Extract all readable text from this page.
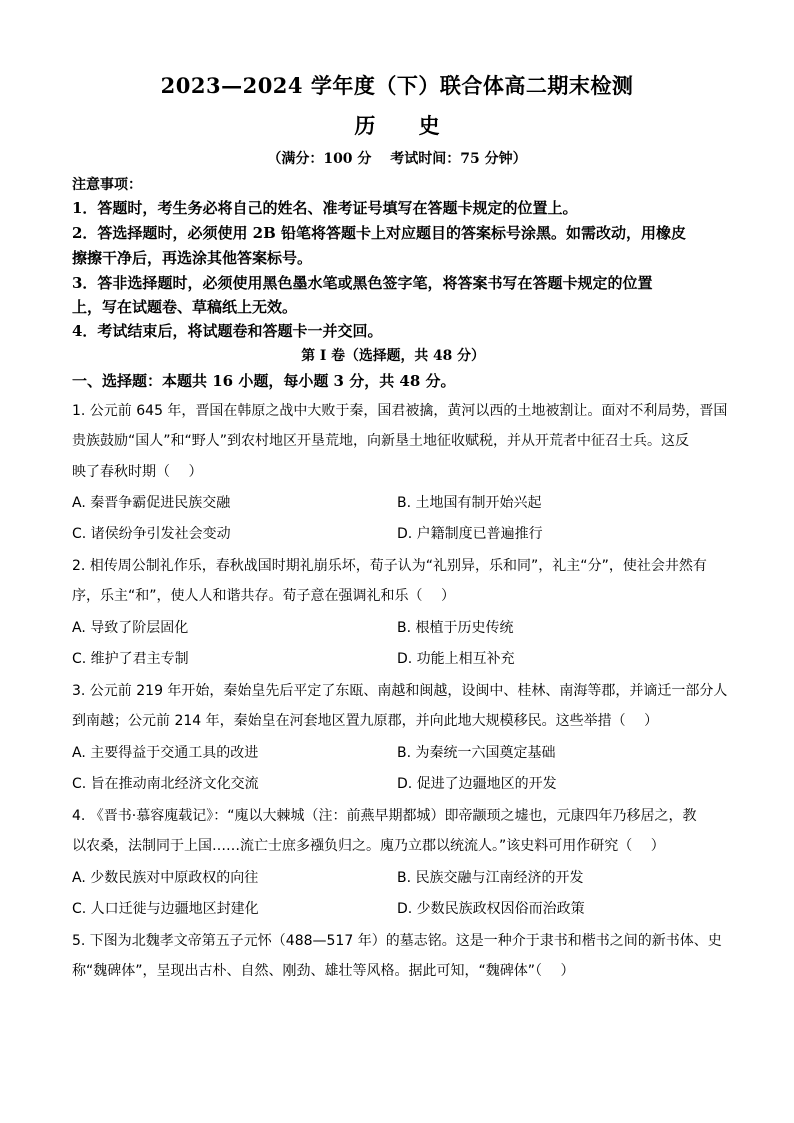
2023—2024 学年度（下）联合体高二期末检测
历 史
（满分：100 分　 考试时间：75 分钟）
注意事项：
1．答题时，考生务必将自己的姓名、准考证号填写在答题卡规定的位置上。
2．答选择题时，必须使用 2B 铅笔将答题卡上对应题目的答案标号涂黑。如需改动，用橡皮
擦擦干净后，再选涂其他答案标号。
3．答非选择题时，必须使用黑色墨水笔或黑色签字笔，将答案书写在答题卡规定的位置
上，写在试题卷、草稿纸上无效。
4．考试结束后，将试题卷和答题卡一并交回。
第 I 卷（选择题，共 48 分）
一、选择题：本题共 16 小题，每小题 3 分，共 48 分。
1. 公元前 645 年，晋国在韩原之战中大败于秦，国君被擒，黄河以西的土地被割让。面对不利局势，晋国
贵族鼓励“国人”和“野人”到农村地区开垦荒地，向新垦土地征收赋税，并从开荒者中征召士兵。这反
映了春秋时期（　 ）
A. 秦晋争霸促进民族交融	B. 土地国有制开始兴起
C. 诸侯纷争引发社会变动	D. 户籍制度已普遍推行
2. 相传周公制礼作乐，春秋战国时期礼崩乐坏，荀子认为“礼别异，乐和同”，礼主“分”，使社会井然有
序，乐主“和”，使人人和谐共存。荀子意在强调礼和乐（　 ）
A. 导致了阶层固化	B. 根植于历史传统
C. 维护了君主专制	D. 功能上相互补充
3. 公元前 219 年开始，秦始皇先后平定了东瓯、南越和闽越，设闽中、桂林、南海等郡，并谪迁一部分人
到南越；公元前 214 年，秦始皇在河套地区置九原郡，并向此地大规模移民。这些举措（　 ）
A. 主要得益于交通工具的改进	B. 为秦统一六国奠定基础
C. 旨在推动南北经济文化交流	D. 促进了边疆地区的开发
4. 《晋书·慕容廆载记》：“廆以大棘城（注：前燕早期都城）即帝颛顼之墟也，元康四年乃移居之，教
以农桑，法制同于上国……流亡士庶多襁负归之。廆乃立郡以统流人。”该史料可用作研究（　 ）
A. 少数民族对中原政权的向往	B. 民族交融与江南经济的开发
C. 人口迁徙与边疆地区封建化	D. 少数民族政权因俗而治政策
5. 下图为北魏孝文帝第五子元怀（488—517 年）的墓志铭。这是一种介于隶书和楷书之间的新书体、史
称“魏碑体”，呈现出古朴、自然、刚劲、雄壮等风格。据此可知，“魏碑体”（　 ）
